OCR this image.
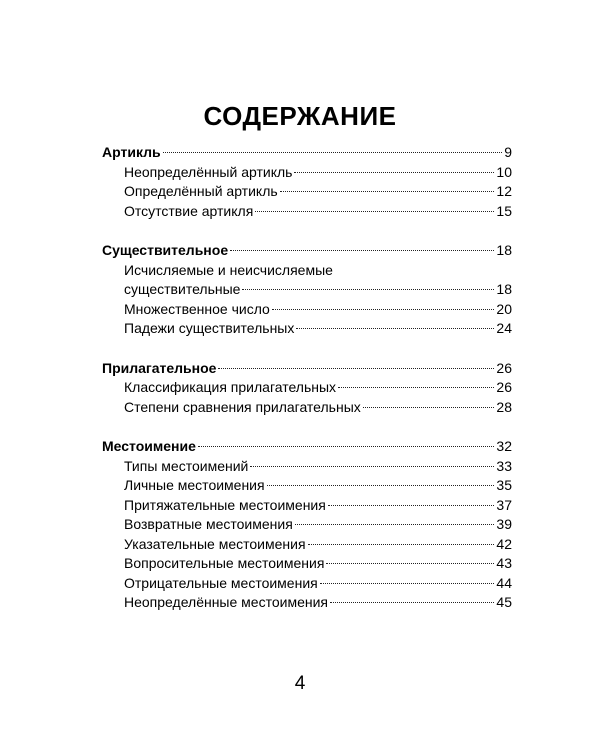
СОДЕРЖАНИЕ
Артикль	9
Неопределённый артикль	10
Определённый артикль	12
Отсутствие артикля	15
Существительное	18
Исчисляемые и неисчисляемые
существительные	18
Множественное число	20
Падежи существительных	24
Прилагательное	26
Классификация прилагательных	26
Степени сравнения прилагательных	28
Местоимение	32
Типы местоимений	33
Личные местоимения	35
Притяжательные местоимения	37
Возвратные местоимения	39
Указательные местоимения	42
Вопросительные местоимения	43
Отрицательные местоимения	44
Неопределённые местоимения	45
4
